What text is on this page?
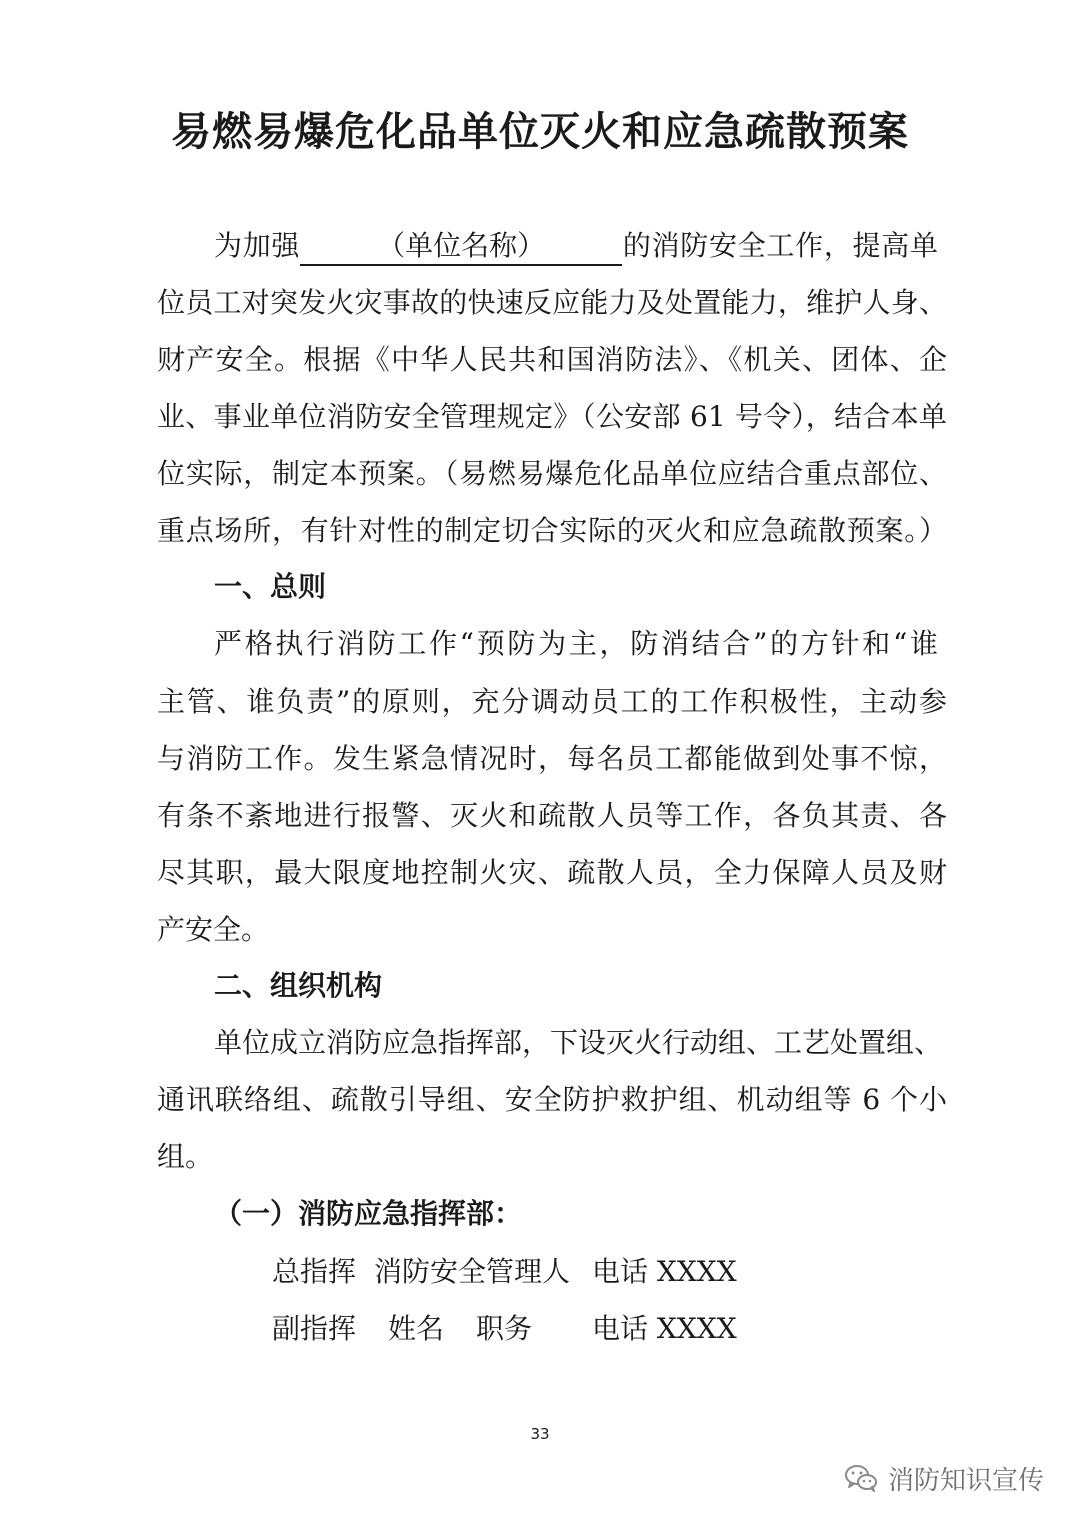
易燃易爆危化品单位灭火和应急疏散预案
为加强	（单位名称）	的消防安全工作，提高单
位员工对突发火灾事故的快速反应能力及处置能力，维护人身、
财产安全。根据《中华人民共和国消防法》、《机关、团体、企
业、事业单位消防安全管理规定》（公安部 61 号令），结合本单
位实际，制定本预案。（易燃易爆危化品单位应结合重点部位、
重点场所，有针对性的制定切合实际的灭火和应急疏散预案。）
一、总则
严格执行消防工作“预防为主，防消结合”的方针和“谁
主管、谁负责”的原则，充分调动员工的工作积极性，主动参
与消防工作。发生紧急情况时，每名员工都能做到处事不惊，
有条不紊地进行报警、灭火和疏散人员等工作，各负其责、各
尽其职，最大限度地控制火灾、疏散人员，全力保障人员及财
产安全。
二、组织机构
单位成立消防应急指挥部，下设灭火行动组、工艺处置组、
通讯联络组、疏散引导组、安全防护救护组、机动组等 6 个小
组。
（一）消防应急指挥部：
总指挥 消防安全管理人 电话 XXXX
副指挥 姓名 职务 电话 XXXX
33
消防知识宣传
